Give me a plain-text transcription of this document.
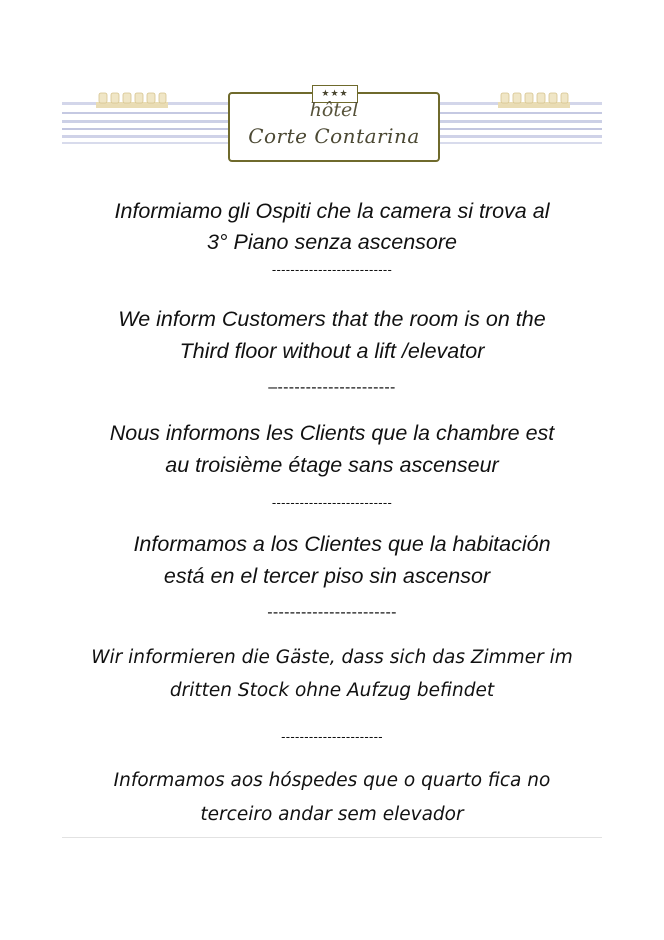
★★★
hôtel
Corte Contarina
Informiamo gli Ospiti che la camera si trova al
3° Piano senza ascensore
--------------------------
We inform Customers that the room is on the
Third floor without a lift /elevator
–---------------------
Nous informons les Clients que la chambre est
au troisième étage sans ascenseur
--------------------------
Informamos a los Clientes que la habitación
está en el tercer piso sin ascensor
-----------------------
Wir informieren die Gäste, dass sich das Zimmer im
dritten Stock ohne Aufzug befindet
----------------------
Informamos aos hóspedes que o quarto fica no
terceiro andar sem elevador
